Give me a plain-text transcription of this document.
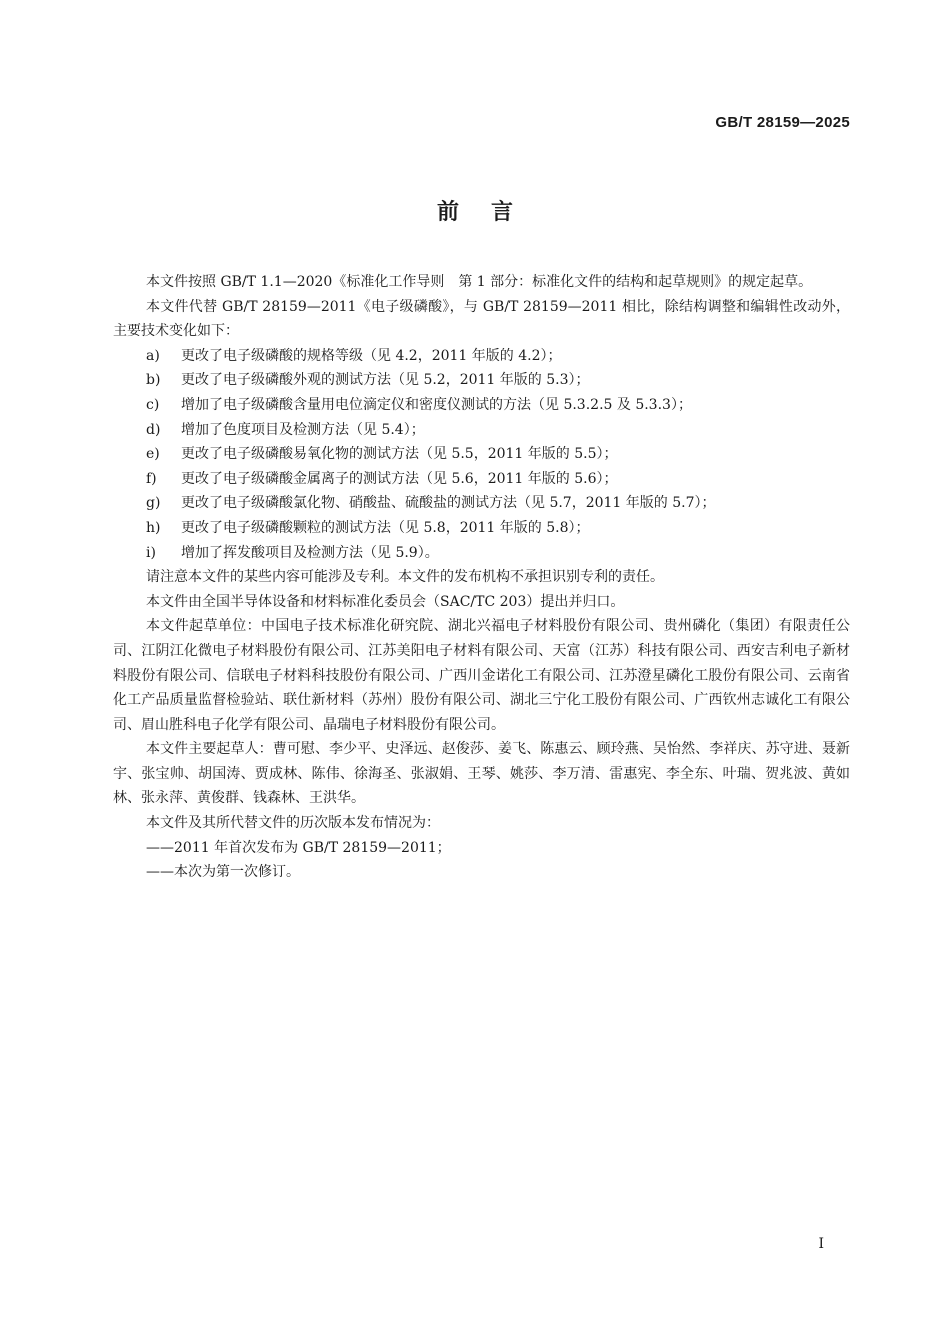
GB/T 28159—2025
前言

本文件按照 GB/T 1.1—2020《标准化工作导则　第 1 部分：标准化文件的结构和起草规则》的规定起草。

本文件代替 GB/T 28159—2011《电子级磷酸》，与 GB/T 28159—2011 相比，除结构调整和编辑性改动外，主要技术变化如下：

a) 更改了电子级磷酸的规格等级（见 4.2，2011 年版的 4.2）；

b) 更改了电子级磷酸外观的测试方法（见 5.2，2011 年版的 5.3）；

c) 增加了电子级磷酸含量用电位滴定仪和密度仪测试的方法（见 5.3.2.5 及 5.3.3）；

d) 增加了色度项目及检测方法（见 5.4）；

e) 更改了电子级磷酸易氧化物的测试方法（见 5.5，2011 年版的 5.5）；

f) 更改了电子级磷酸金属离子的测试方法（见 5.6，2011 年版的 5.6）；

g) 更改了电子级磷酸氯化物、硝酸盐、硫酸盐的测试方法（见 5.7，2011 年版的 5.7）；

h) 更改了电子级磷酸颗粒的测试方法（见 5.8，2011 年版的 5.8）；

i) 增加了挥发酸项目及检测方法（见 5.9）。

请注意本文件的某些内容可能涉及专利。本文件的发布机构不承担识别专利的责任。

本文件由全国半导体设备和材料标准化委员会（SAC/TC 203）提出并归口。

本文件起草单位：中国电子技术标准化研究院、湖北兴福电子材料股份有限公司、贵州磷化（集团）有限责任公司、江阴江化微电子材料股份有限公司、江苏美阳电子材料有限公司、天富（江苏）科技有限公司、西安吉利电子新材料股份有限公司、信联电子材料科技股份有限公司、广西川金诺化工有限公司、江苏澄星磷化工股份有限公司、云南省化工产品质量监督检验站、联仕新材料（苏州）股份有限公司、湖北三宁化工股份有限公司、广西钦州志诚化工有限公司、眉山胜科电子化学有限公司、晶瑞电子材料股份有限公司。

本文件主要起草人：曹可慰、李少平、史泽远、赵俊莎、姜飞、陈惠云、顾玲燕、吴怡然、李祥庆、苏守进、聂新宇、张宝帅、胡国涛、贾成林、陈伟、徐海圣、张淑娟、王琴、姚莎、李万清、雷惠宪、李全东、叶瑞、贺兆波、黄如林、张永萍、黄俊群、钱森林、王洪华。

本文件及其所代替文件的历次版本发布情况为：

——2011 年首次发布为 GB/T 28159—2011；

——本次为第一次修订。

I
